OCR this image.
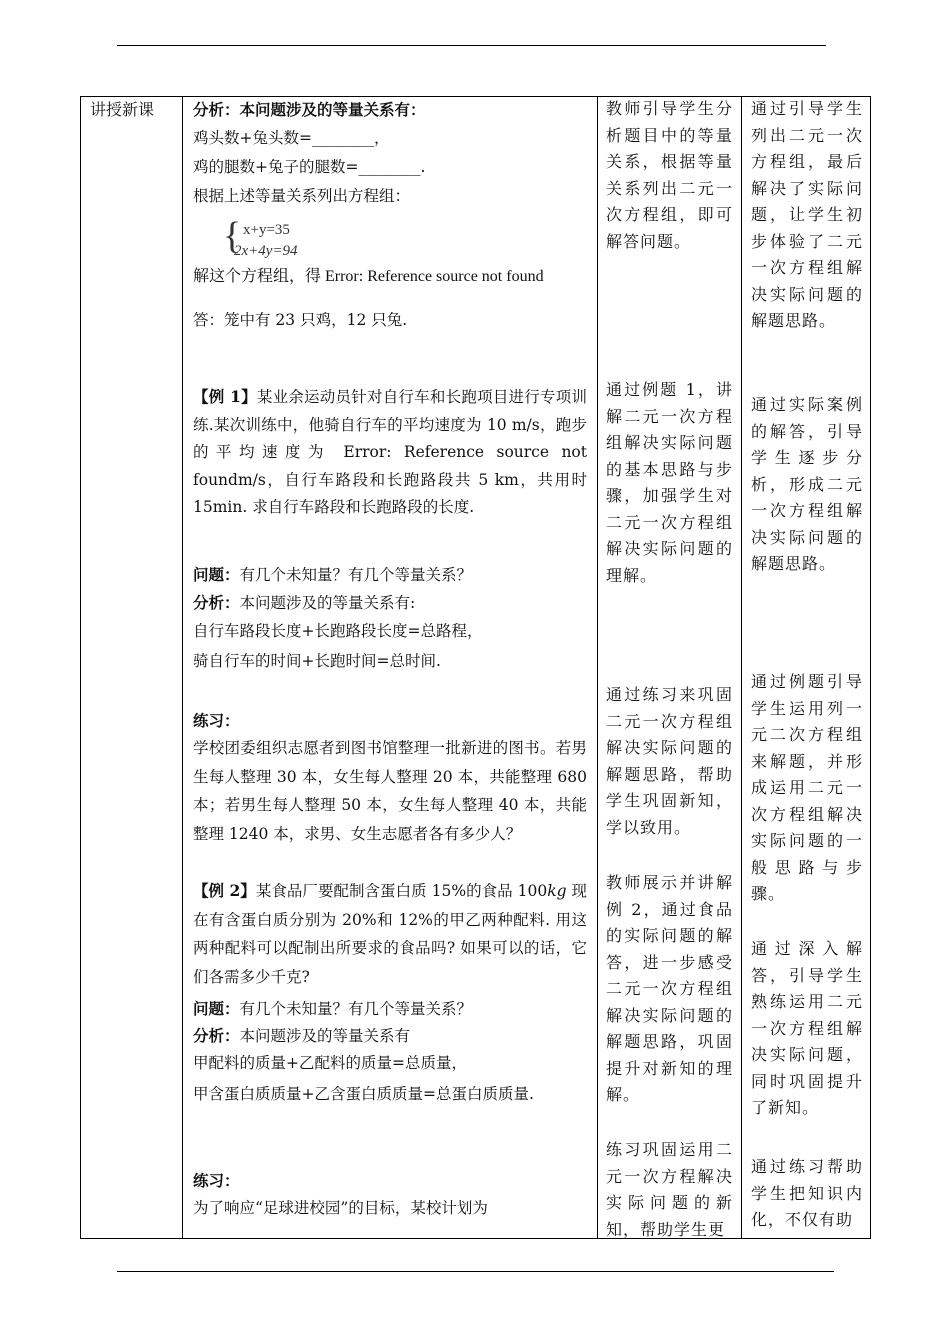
讲授新课	分析：本问题涉及的等量关系有：
鸡头数+兔头数=________，
鸡的腿数+兔子的腿数=________.
根据上述等量关系列出方程组：
{ x+y=35
2x+4y=94
解这个方程组，得 Error: Reference source not found
答：笼中有 23 只鸡，12 只兔.
【例 1】某业余运动员针对自行车和长跑项目进行专项训练.某次训练中，他骑自行车的平均速度为 10 m/s，跑步的平均速度为 Error: Reference source not foundm/s，自行车路段和长跑路段共 5 km，共用时 15min. 求自行车路段和长跑路段的长度.
问题：有几个未知量？有几个等量关系？
分析：本问题涉及的等量关系有:
自行车路段长度+长跑路段长度=总路程，
骑自行车的时间+长跑时间=总时间.
练习：
学校团委组织志愿者到图书馆整理一批新进的图书。若男生每人整理 30 本，女生每人整理 20 本，共能整理 680 本；若男生每人整理 50 本，女生每人整理 40 本，共能整理 1240 本，求男、女生志愿者各有多少人？
【例 2】某食品厂要配制含蛋白质 15%的食品 100kg 现在有含蛋白质分别为 20%和 12%的甲乙两种配料. 用这两种配料可以配制出所要求的食品吗? 如果可以的话，它们各需多少千克?
问题：有几个未知量？有几个等量关系？
分析：本问题涉及的等量关系有
甲配料的质量+乙配料的质量=总质量，
甲含蛋白质质量+乙含蛋白质质量=总蛋白质质量.
练习：
为了响应“足球进校园”的目标，某校计划为
教师引导学生分析题目中的等量关系，根据等量关系列出二元一次方程组，即可解答问题。
通过例题 1，讲解二元一次方程组解决实际问题的基本思路与步骤，加强学生对二元一次方程组解决实际问题的理解。
通过练习来巩固二元一次方程组解决实际问题的解题思路，帮助学生巩固新知，学以致用。
教师展示并讲解例 2，通过食品的实际问题的解答，进一步感受二元一次方程组解决实际问题的解题思路，巩固提升对新知的理解。
练习巩固运用二元一次方程解决实际问题的新知，帮助学生更
通过引导学生列出二元一次方程组，最后解决了实际问题，让学生初步体验了二元一次方程组解决实际问题的解题思路。
通过实际案例的解答，引导学生逐步分析，形成二元一次方程组解决实际问题的解题思路。
通过例题引导学生运用列一元二次方程组来解题，并形成运用二元一次方程组解决实际问题的一般思路与步骤。
通过深入解答，引导学生熟练运用二元一次方程组解决实际问题，同时巩固提升了新知。
通过练习帮助学生把知识内化，不仅有助
